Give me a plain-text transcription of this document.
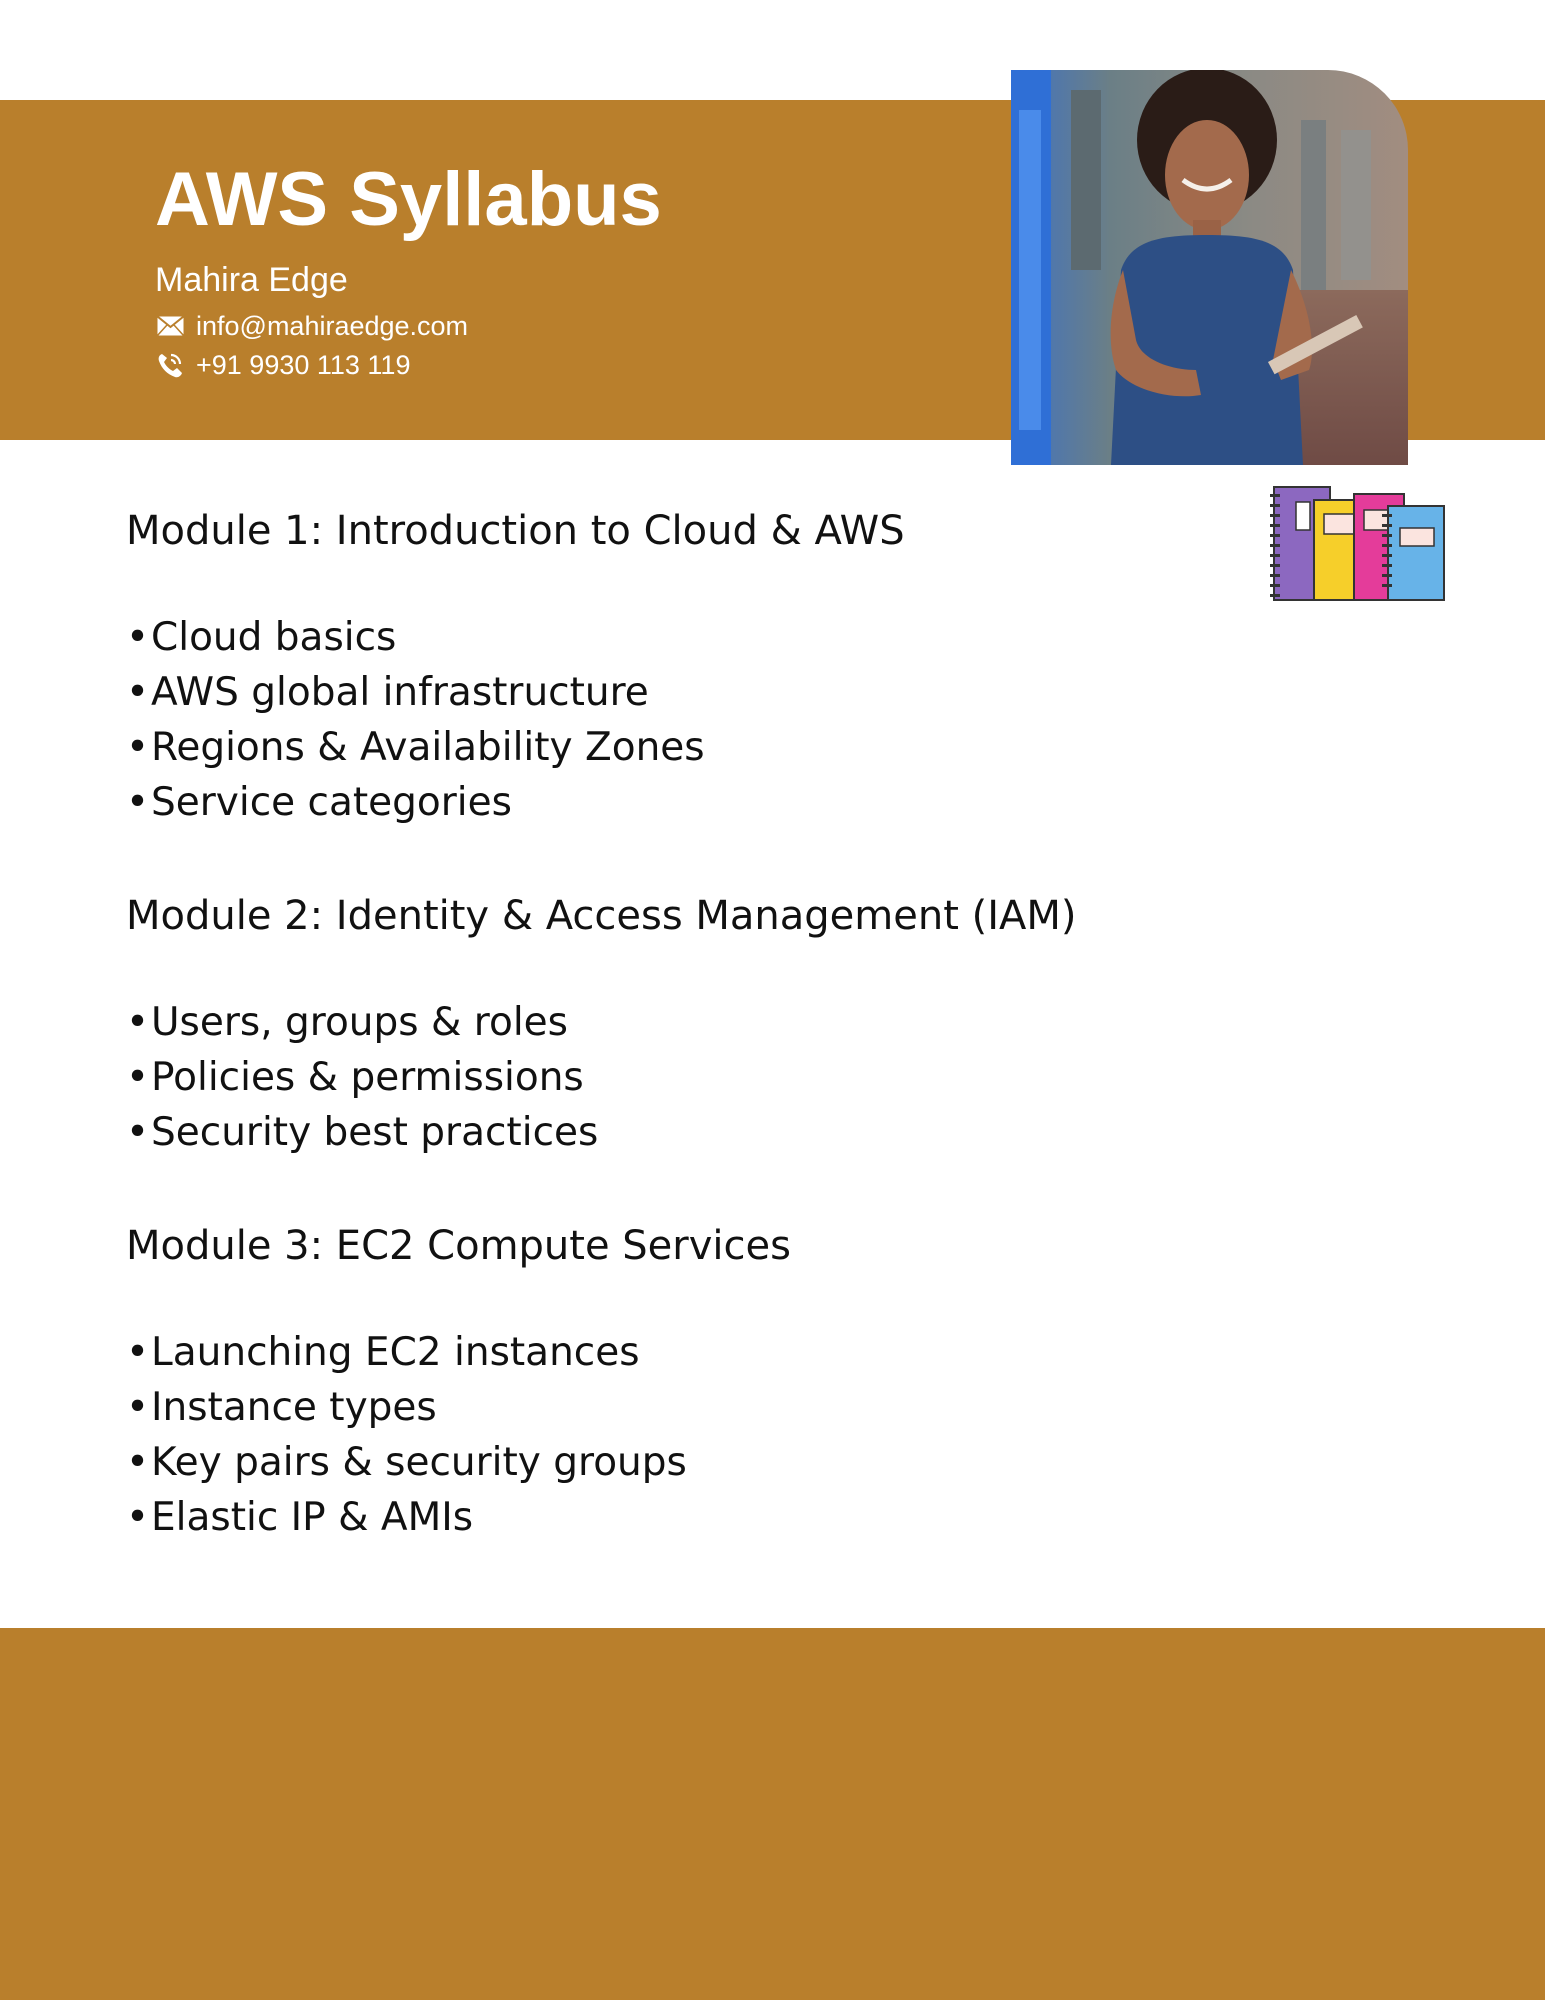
AWS Syllabus
Mahira Edge
info@mahiraedge.com
+91 9930 113 119
Module 1: Introduction to Cloud & AWS
• Cloud basics
• AWS global infrastructure
• Regions & Availability Zones
• Service categories
Module 2: Identity & Access Management (IAM)
• Users, groups & roles
• Policies & permissions
• Security best practices
Module 3: EC2 Compute Services
• Launching EC2 instances
• Instance types
• Key pairs & security groups
• Elastic IP & AMIs
